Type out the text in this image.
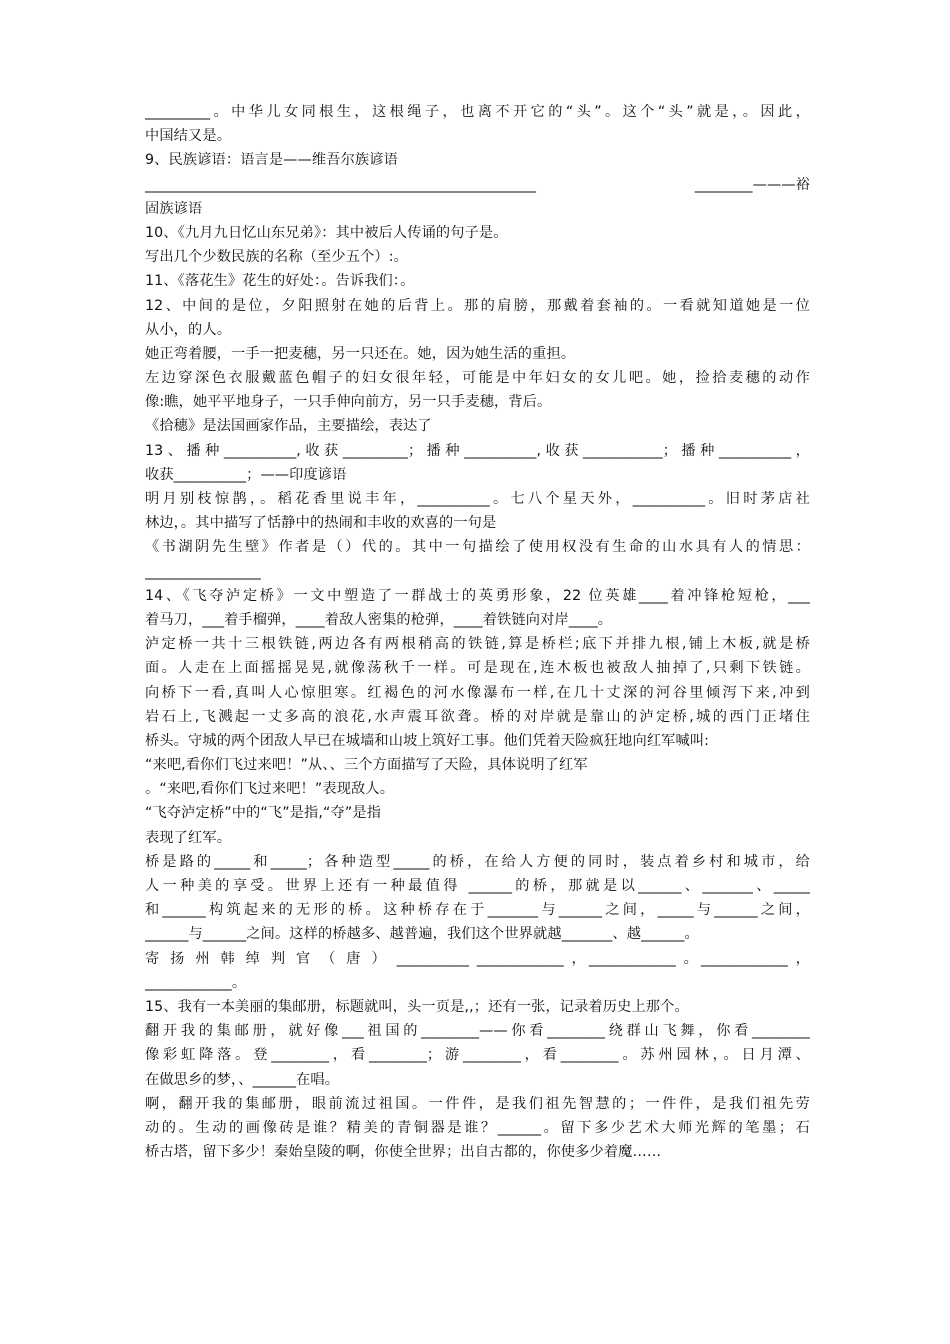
_________。中华儿女同根生，这根绳子，也离不开它的“头”。这个“头”就是，。因此，
中国结又是。
9、民族谚语：语言是——维吾尔族谚语
______________________________________________________	________———裕
固族谚语
10、《九月九日忆山东兄弟》：其中被后人传诵的句子是。
写出几个少数民族的名称（至少五个）:。
11、《落花生》花生的好处：。告诉我们：。
12、中间的是位，夕阳照射在她的后背上。那的肩膀，那戴着套袖的。一看就知道她是一位
从小，的人。
她正弯着腰，一手一把麦穗，另一只还在。她，因为她生活的重担。
左边穿深色衣服戴蓝色帽子的妇女很年轻，可能是中年妇女的女儿吧。她，捡拾麦穗的动作
像:瞧，她平平地身子，一只手伸向前方，另一只手麦穗，背后。
《拾穗》是法国画家作品，主要描绘，表达了
13、播种__________,收获_________；播种__________,收获___________；播种__________，
收获__________；——印度谚语
明月别枝惊鹊，。稻花香里说丰年，__________。七八个星天外，__________。旧时茅店社
林边，。其中描写了恬静中的热闹和丰收的欢喜的一句是
《书湖阴先生壁》作者是（）代的。其中一句描绘了使用权没有生命的山水具有人的情思：
________________
14、《飞夺泸定桥》一文中塑造了一群战士的英勇形象，22 位英雄____着冲锋枪短枪，___
着马刀，___着手榴弹，____着敌人密集的枪弹，____着铁链向对岸____。
泸定桥一共十三根铁链,两边各有两根稍高的铁链,算是桥栏;底下并排九根,铺上木板,就是桥
面。人走在上面摇摇晃晃,就像荡秋千一样。可是现在,连木板也被敌人抽掉了,只剩下铁链。
向桥下一看,真叫人心惊胆寒。红褐色的河水像瀑布一样,在几十丈深的河谷里倾泻下来,冲到
岩石上,飞溅起一丈多高的浪花,水声震耳欲聋。桥的对岸就是靠山的泸定桥,城的西门正堵住
桥头。守城的两个团敌人早已在城墙和山坡上筑好工事。他们凭着天险疯狂地向红军喊叫:
“来吧,看你们飞过来吧！”从、、三个方面描写了天险，具体说明了红军
。“来吧,看你们飞过来吧！”表现敌人。
“飞夺泸定桥”中的“飞”是指,“夺”是指
表现了红军。
桥是路的_____和_____；各种造型_____的桥，在给人方便的同时，装点着乡村和城市，给
人一种美的享受。世界上还有一种最值得 ______的桥，那就是以______、_______、_____
和______构筑起来的无形的桥。这种桥存在于_______与______之间，_____与______之间，
______与______之间。这样的桥越多、越普遍，我们这个世界就越_______、越______。
寄 扬 州 韩 绰 判 官 （ 唐 ） __________ ____________ ，____________ 。____________ ，
____________。
15、我有一本美丽的集邮册，标题就叫，头一页是,,；还有一张，记录着历史上那个。
翻开我的集邮册，就好像___祖国的________——你看________绕群山飞舞，你看________
像彩虹降落。登________，看________；游________，看________。苏州园林，。日月潭、
在做思乡的梦，、______在唱。
啊，翻开我的集邮册，眼前流过祖国。一件件，是我们祖先智慧的；一件件，是我们祖先劳
动的。生动的画像砖是谁？精美的青铜器是谁？______。留下多少艺术大师光辉的笔墨；石
桥古塔，留下多少！秦始皇陵的啊，你使全世界；出自古都的，你使多少着魔……
